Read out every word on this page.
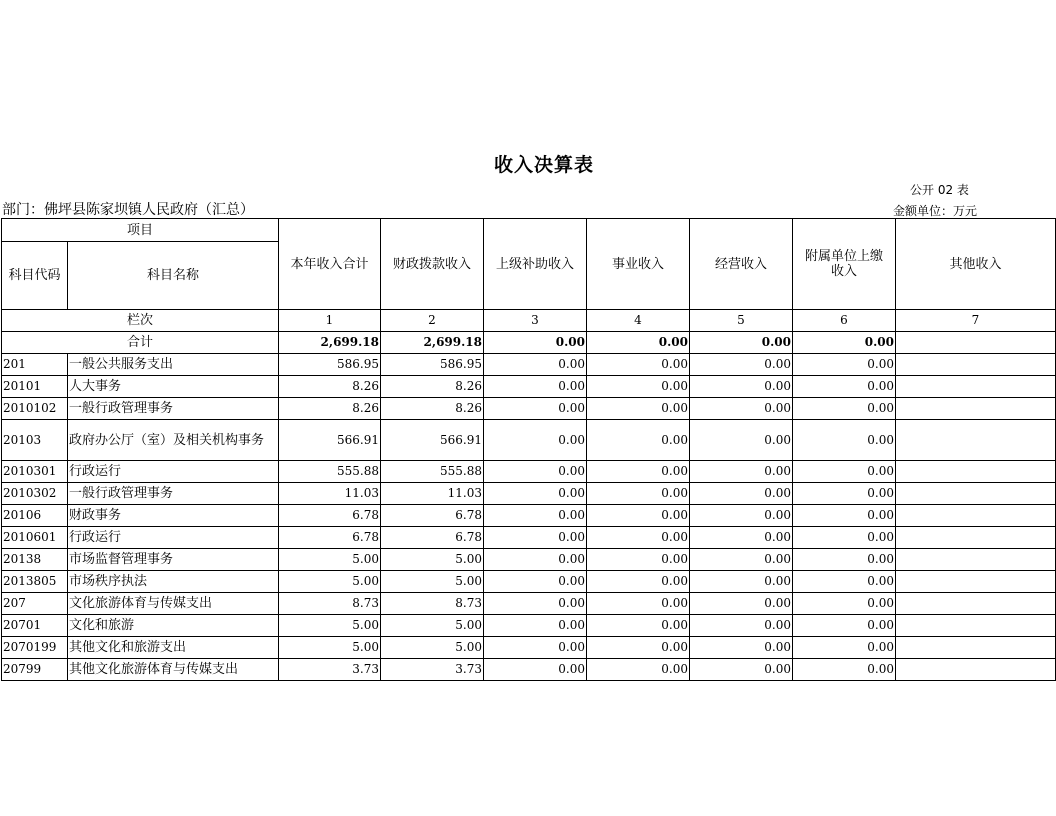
收入决算表
公开 02 表
金额单位：万元
部门：佛坪县陈家坝镇人民政府（汇总）
项目		本年收入合计	财政拨款收入	上级补助收入	事业收入	经营收入	附属单位上缴收入	其他收入
科目代码	科目名称							
栏次		1	2	3	4	5	6	7
合计		2,699.18	2,699.18	0.00	0.00	0.00	0.00	
201	一般公共服务支出	586.95	586.95	0.00	0.00	0.00	0.00	
20101	人大事务	8.26	8.26	0.00	0.00	0.00	0.00	
2010102	一般行政管理事务	8.26	8.26	0.00	0.00	0.00	0.00	
20103	政府办公厅（室）及相关机构事务	566.91	566.91	0.00	0.00	0.00	0.00	
2010301	行政运行	555.88	555.88	0.00	0.00	0.00	0.00	
2010302	一般行政管理事务	11.03	11.03	0.00	0.00	0.00	0.00	
20106	财政事务	6.78	6.78	0.00	0.00	0.00	0.00	
2010601	行政运行	6.78	6.78	0.00	0.00	0.00	0.00	
20138	市场监督管理事务	5.00	5.00	0.00	0.00	0.00	0.00	
2013805	市场秩序执法	5.00	5.00	0.00	0.00	0.00	0.00	
207	文化旅游体育与传媒支出	8.73	8.73	0.00	0.00	0.00	0.00	
20701	文化和旅游	5.00	5.00	0.00	0.00	0.00	0.00	
2070199	其他文化和旅游支出	5.00	5.00	0.00	0.00	0.00	0.00	
20799	其他文化旅游体育与传媒支出	3.73	3.73	0.00	0.00	0.00	0.00	
